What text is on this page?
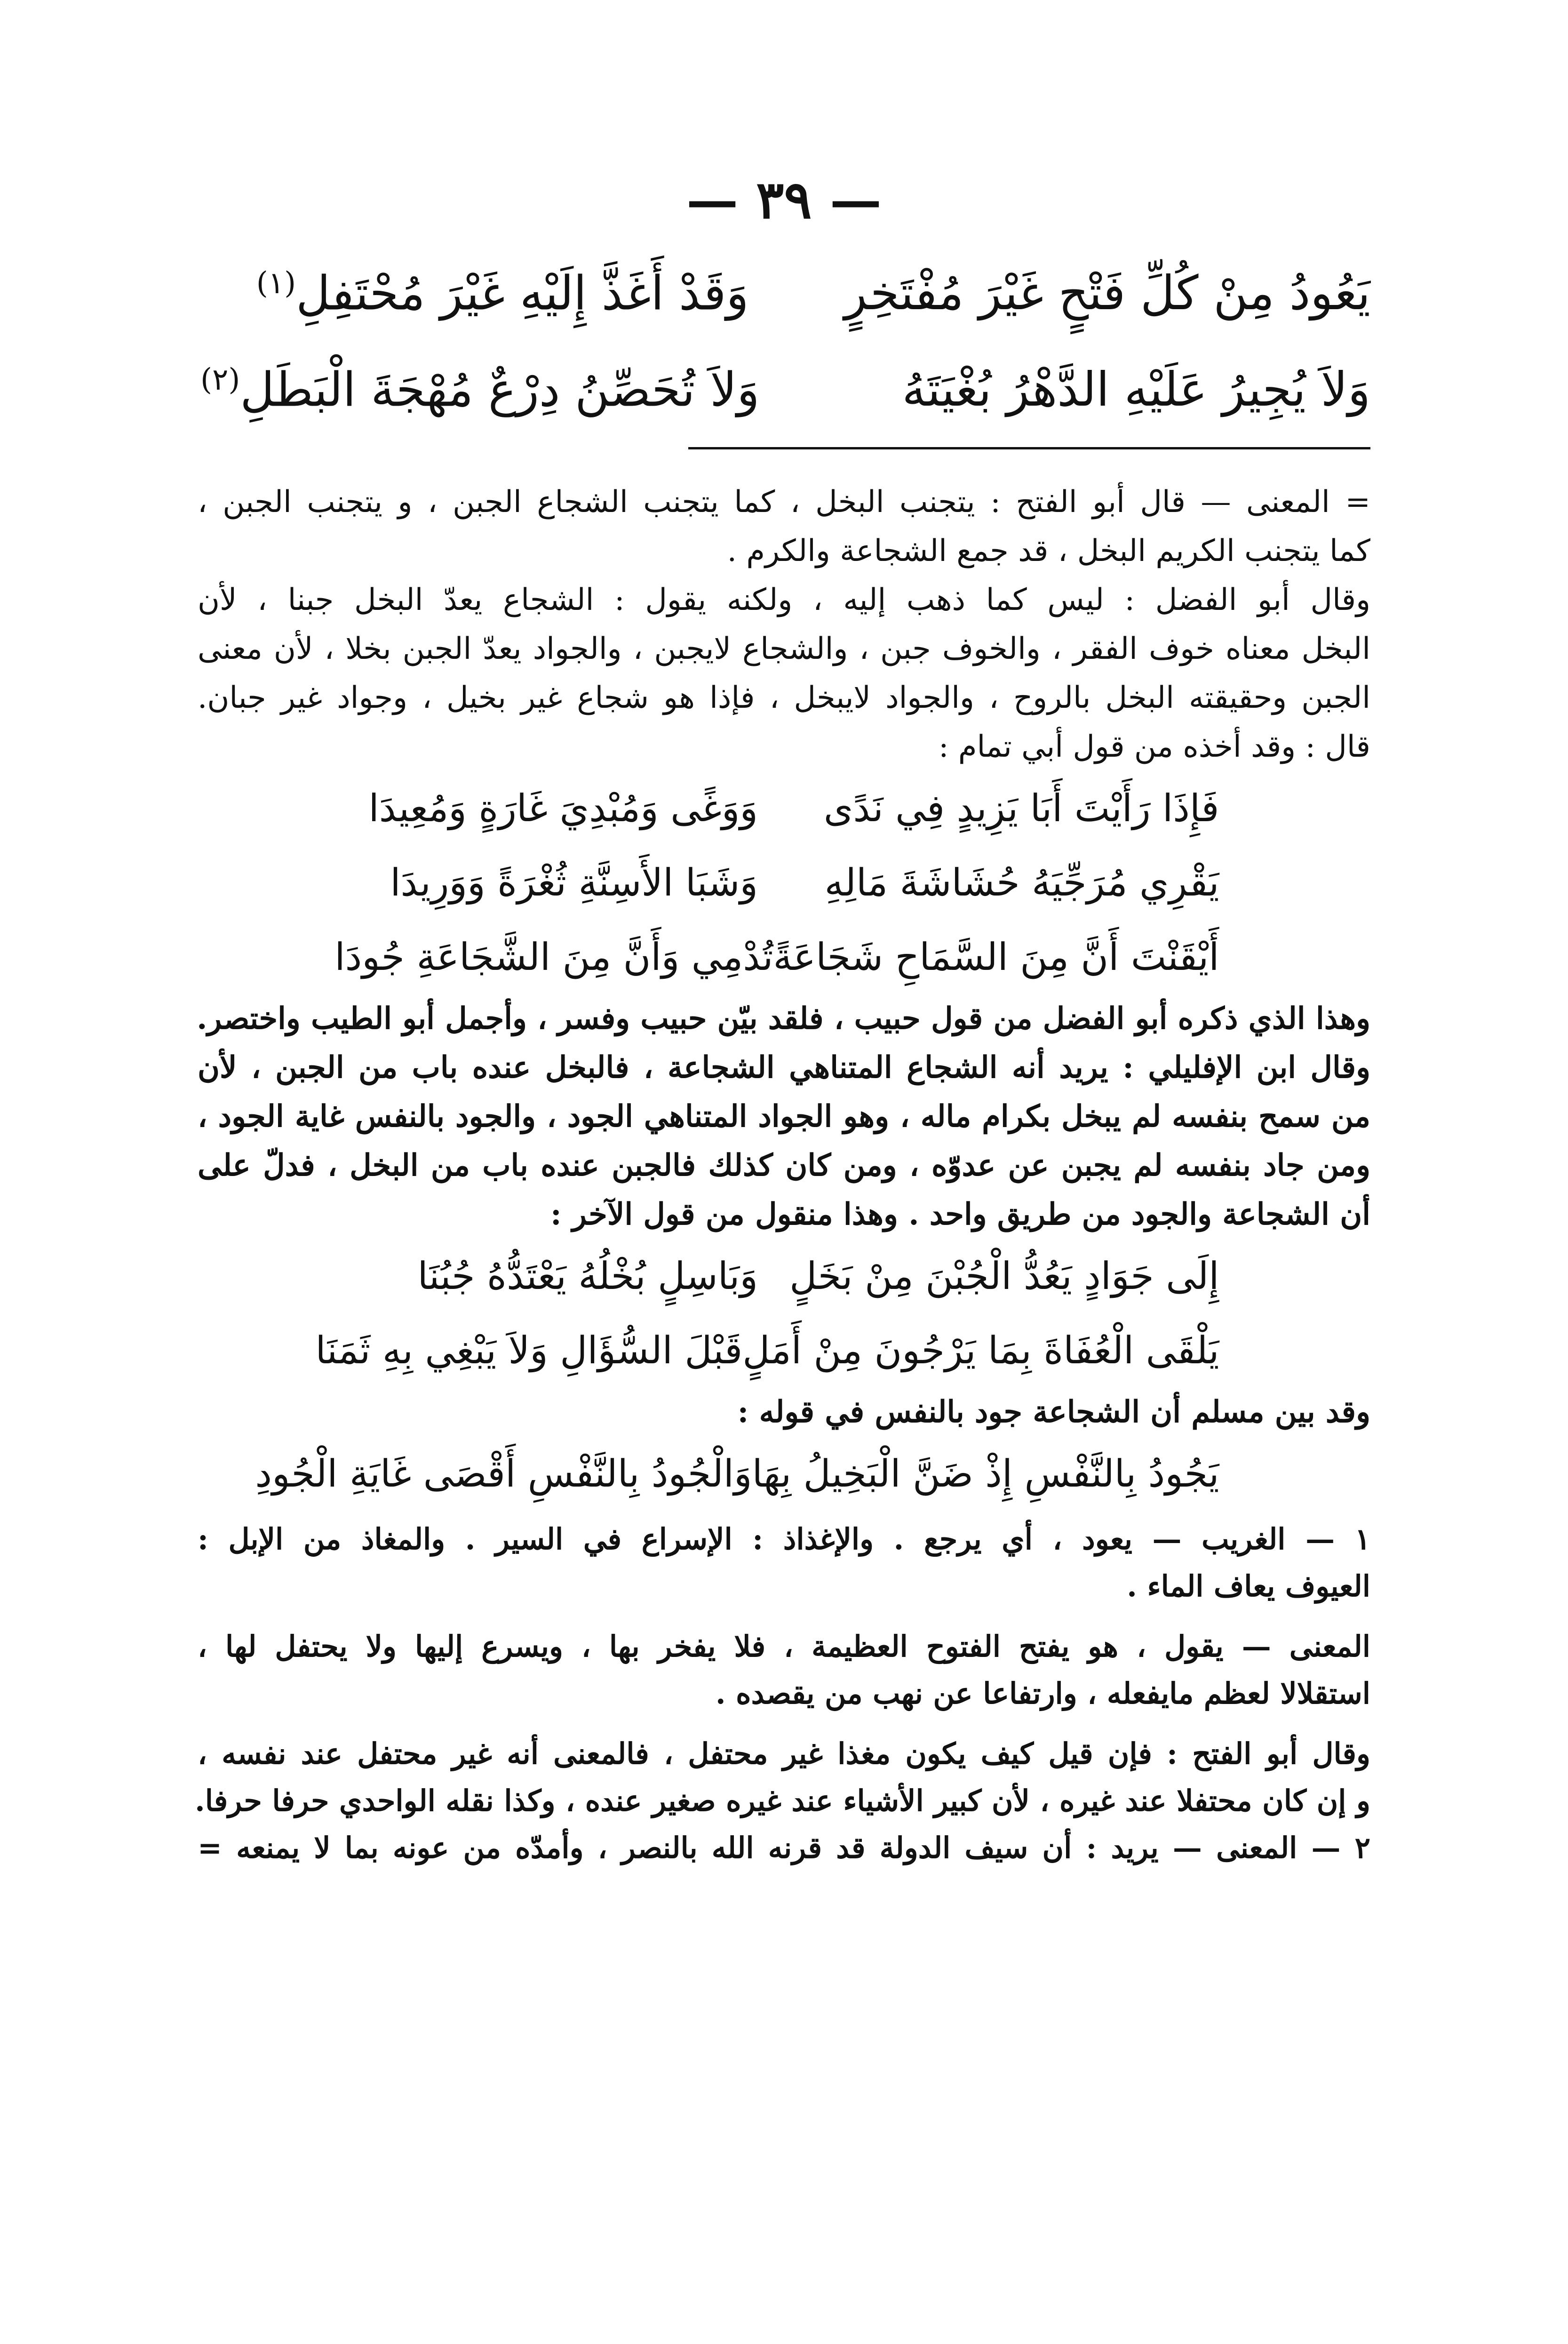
— ٣٩ —
يَعُودُ مِنْ كُلِّ فَتْحٍ غَيْرَ مُفْتَخِرٍ
وَقَدْ أَغَذَّ إِلَيْهِ غَيْرَ مُحْتَفِلِ$^{(١)}$
وَلاَ يُجِيرُ عَلَيْهِ الدَّهْرُ بُغْيَتَهُ
وَلاَ تُحَصِّنُ دِرْعٌ مُهْجَةَ الْبَطَلِ$^{(٢)}$
= المعنى — قال أبو الفتح : يتجنب البخل ، كما يتجنب الشجاع الجبن ، و يتجنب الجبن ،
كما يتجنب الكريم البخل ، قد جمع الشجاعة والكرم .
وقال أبو الفضل : ليس كما ذهب إليه ، ولكنه يقول : الشجاع يعدّ البخل جبنا ، لأن
البخل معناه خوف الفقر ، والخوف جبن ، والشجاع لايجبن ، والجواد يعدّ الجبن بخلا ، لأن معنى
الجبن وحقيقته البخل بالروح ، والجواد لايبخل ، فإذا هو شجاع غير بخيل ، وجواد غير جبان.
قال : وقد أخذه من قول أبي تمام :
فَإِذَا رَأَيْتَ أَبَا يَزِيدٍ فِي نَدًى
وَوَغًى وَمُبْدِيَ غَارَةٍ وَمُعِيدَا
يَقْرِي مُرَجِّيَهُ حُشَاشَةَ مَالِهِ
وَشَبَا الأَسِنَّةِ ثُغْرَةً وَوَرِيدَا
أَيْقَنْتَ أَنَّ مِنَ السَّمَاحِ شَجَاعَةً
تُدْمِي وَأَنَّ مِنَ الشَّجَاعَةِ جُودَا
وهذا الذي ذكره أبو الفضل من قول حبيب ، فلقد بيّن حبيب وفسر ، وأجمل أبو الطيب واختصر.
وقال ابن الإفليلي : يريد أنه الشجاع المتناهي الشجاعة ، فالبخل عنده باب من الجبن ، لأن
من سمح بنفسه لم يبخل بكرام ماله ، وهو الجواد المتناهي الجود ، والجود بالنفس غاية الجود ،
ومن جاد بنفسه لم يجبن عن عدوّه ، ومن كان كذلك فالجبن عنده باب من البخل ، فدلّ على
أن الشجاعة والجود من طريق واحد . وهذا منقول من قول الآخر :
إِلَى جَوَادٍ يَعُدُّ الْجُبْنَ مِنْ بَخَلٍ
وَبَاسِلٍ بُخْلُهُ يَعْتَدُّهُ جُبُنَا
يَلْقَى الْعُفَاةَ بِمَا يَرْجُونَ مِنْ أَمَلٍ
قَبْلَ السُّؤَالِ وَلاَ يَبْغِي بِهِ ثَمَنَا
وقد بين مسلم أن الشجاعة جود بالنفس في قوله :
يَجُودُ بِالنَّفْسِ إِذْ ضَنَّ الْبَخِيلُ بِهَا
وَالْجُودُ بِالنَّفْسِ أَقْصَى غَايَةِ الْجُودِ
١ — الغريب — يعود ، أي يرجع . والإغذاذ : الإسراع في السير . والمغاذ من الإبل :
العيوف يعاف الماء .
المعنى — يقول ، هو يفتح الفتوح العظيمة ، فلا يفخر بها ، ويسرع إليها ولا يحتفل لها ،
استقلالا لعظم مايفعله ، وارتفاعا عن نهب من يقصده .
وقال أبو الفتح : فإن قيل كيف يكون مغذا غير محتفل ، فالمعنى أنه غير محتفل عند نفسه ،
و إن كان محتفلا عند غيره ، لأن كبير الأشياء عند غيره صغير عنده ، وكذا نقله الواحدي حرفا حرفا.
٢ — المعنى — يريد : أن سيف الدولة قد قرنه الله بالنصر ، وأمدّه من عونه بما لا يمنعه =
